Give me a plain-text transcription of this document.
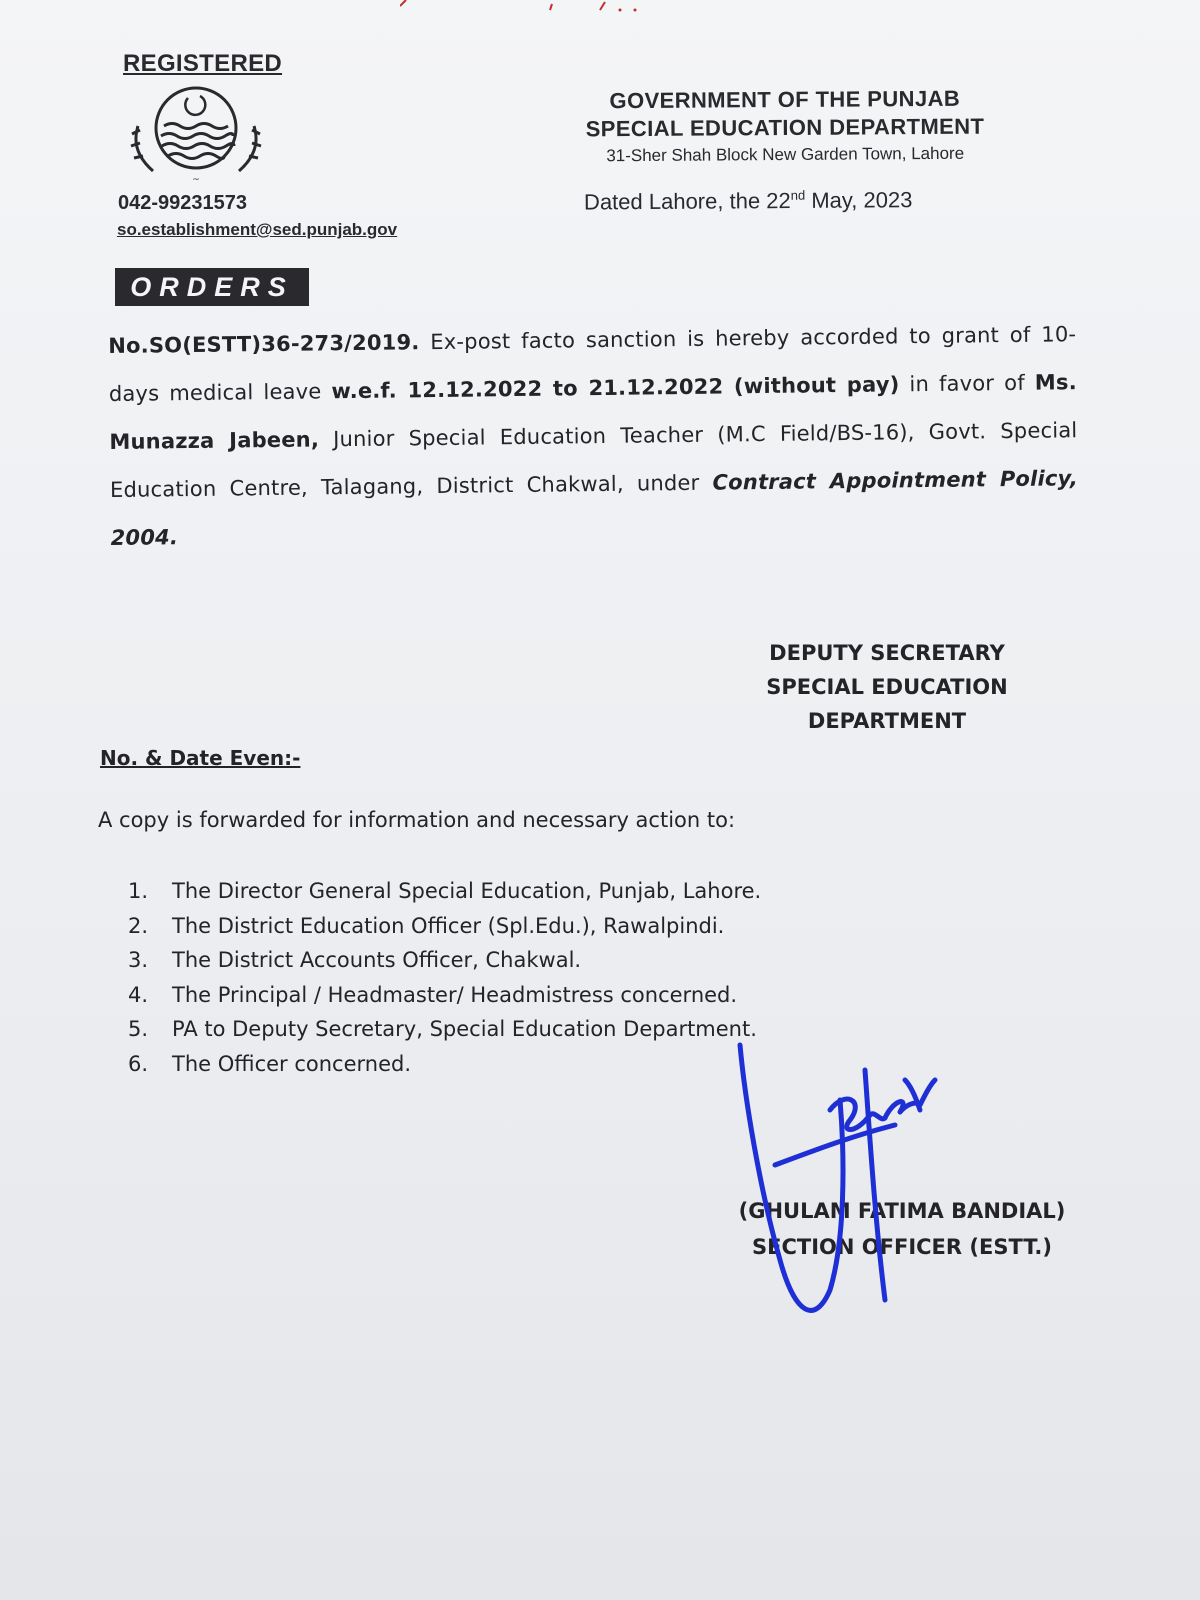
REGISTERED
~
042-99231573
so.establishment@sed.punjab.gov
GOVERNMENT OF THE PUNJAB
SPECIAL EDUCATION DEPARTMENT
31-Sher Shah Block New Garden Town, Lahore
Dated Lahore, the 22nd May, 2023
ORDERS
No.SO(ESTT)36-273/2019. Ex-post facto sanction is hereby accorded to grant of 10-days medical leave w.e.f. 12.12.2022 to 21.12.2022 (without pay) in favor of Ms. Munazza Jabeen, Junior Special Education Teacher (M.C Field/BS-16), Govt. Special Education Centre, Talagang, District Chakwal, under Contract Appointment Policy, 2004.
DEPUTY SECRETARY
SPECIAL EDUCATION
DEPARTMENT
No. & Date Even:-
A copy is forwarded for information and necessary action to:
1. The Director General Special Education, Punjab, Lahore.
2. The District Education Officer (Spl.Edu.), Rawalpindi.
3. The District Accounts Officer, Chakwal.
4. The Principal / Headmaster/ Headmistress concerned.
5. PA to Deputy Secretary, Special Education Department.
6. The Officer concerned.
(GHULAM FATIMA BANDIAL)
SECTION OFFICER (ESTT.)
